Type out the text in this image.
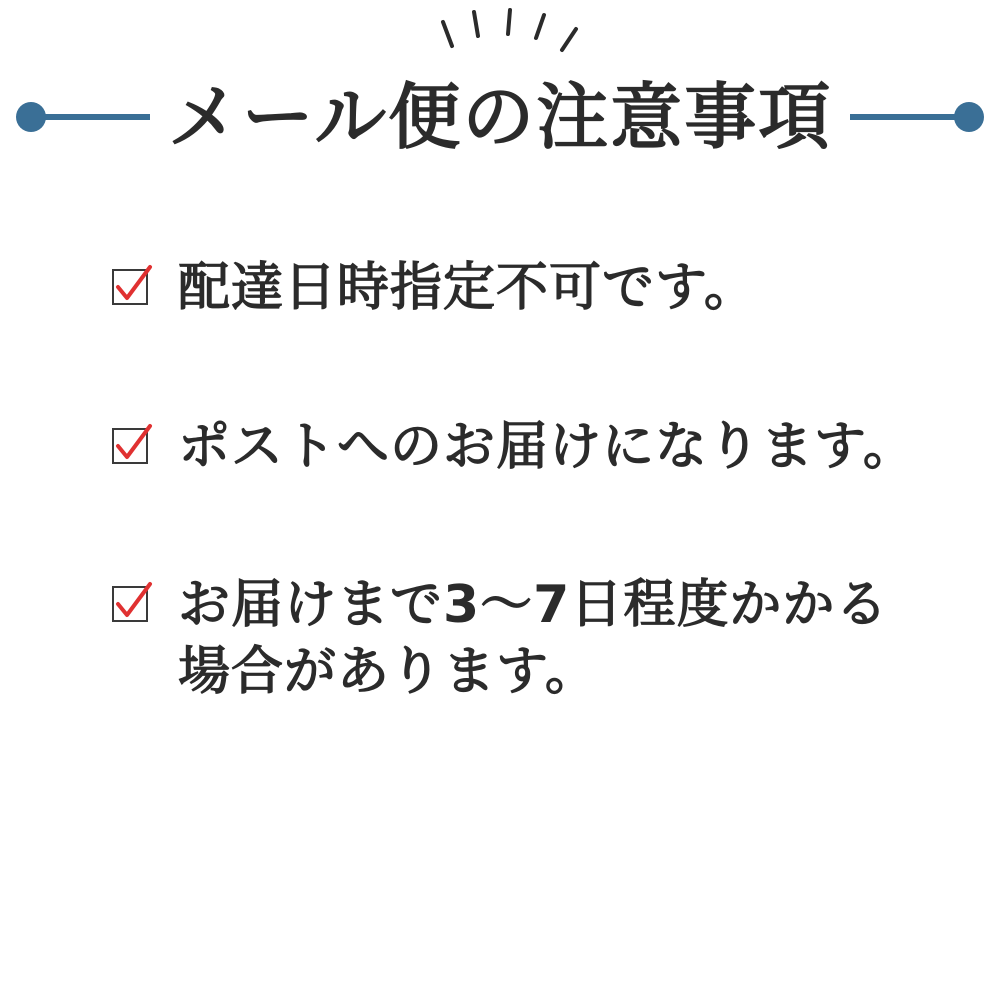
メール便の注意事項
配達日時指定不可です。
ポストへのお届けになります。
お届けまで3〜7日程度かかる場合があります。
